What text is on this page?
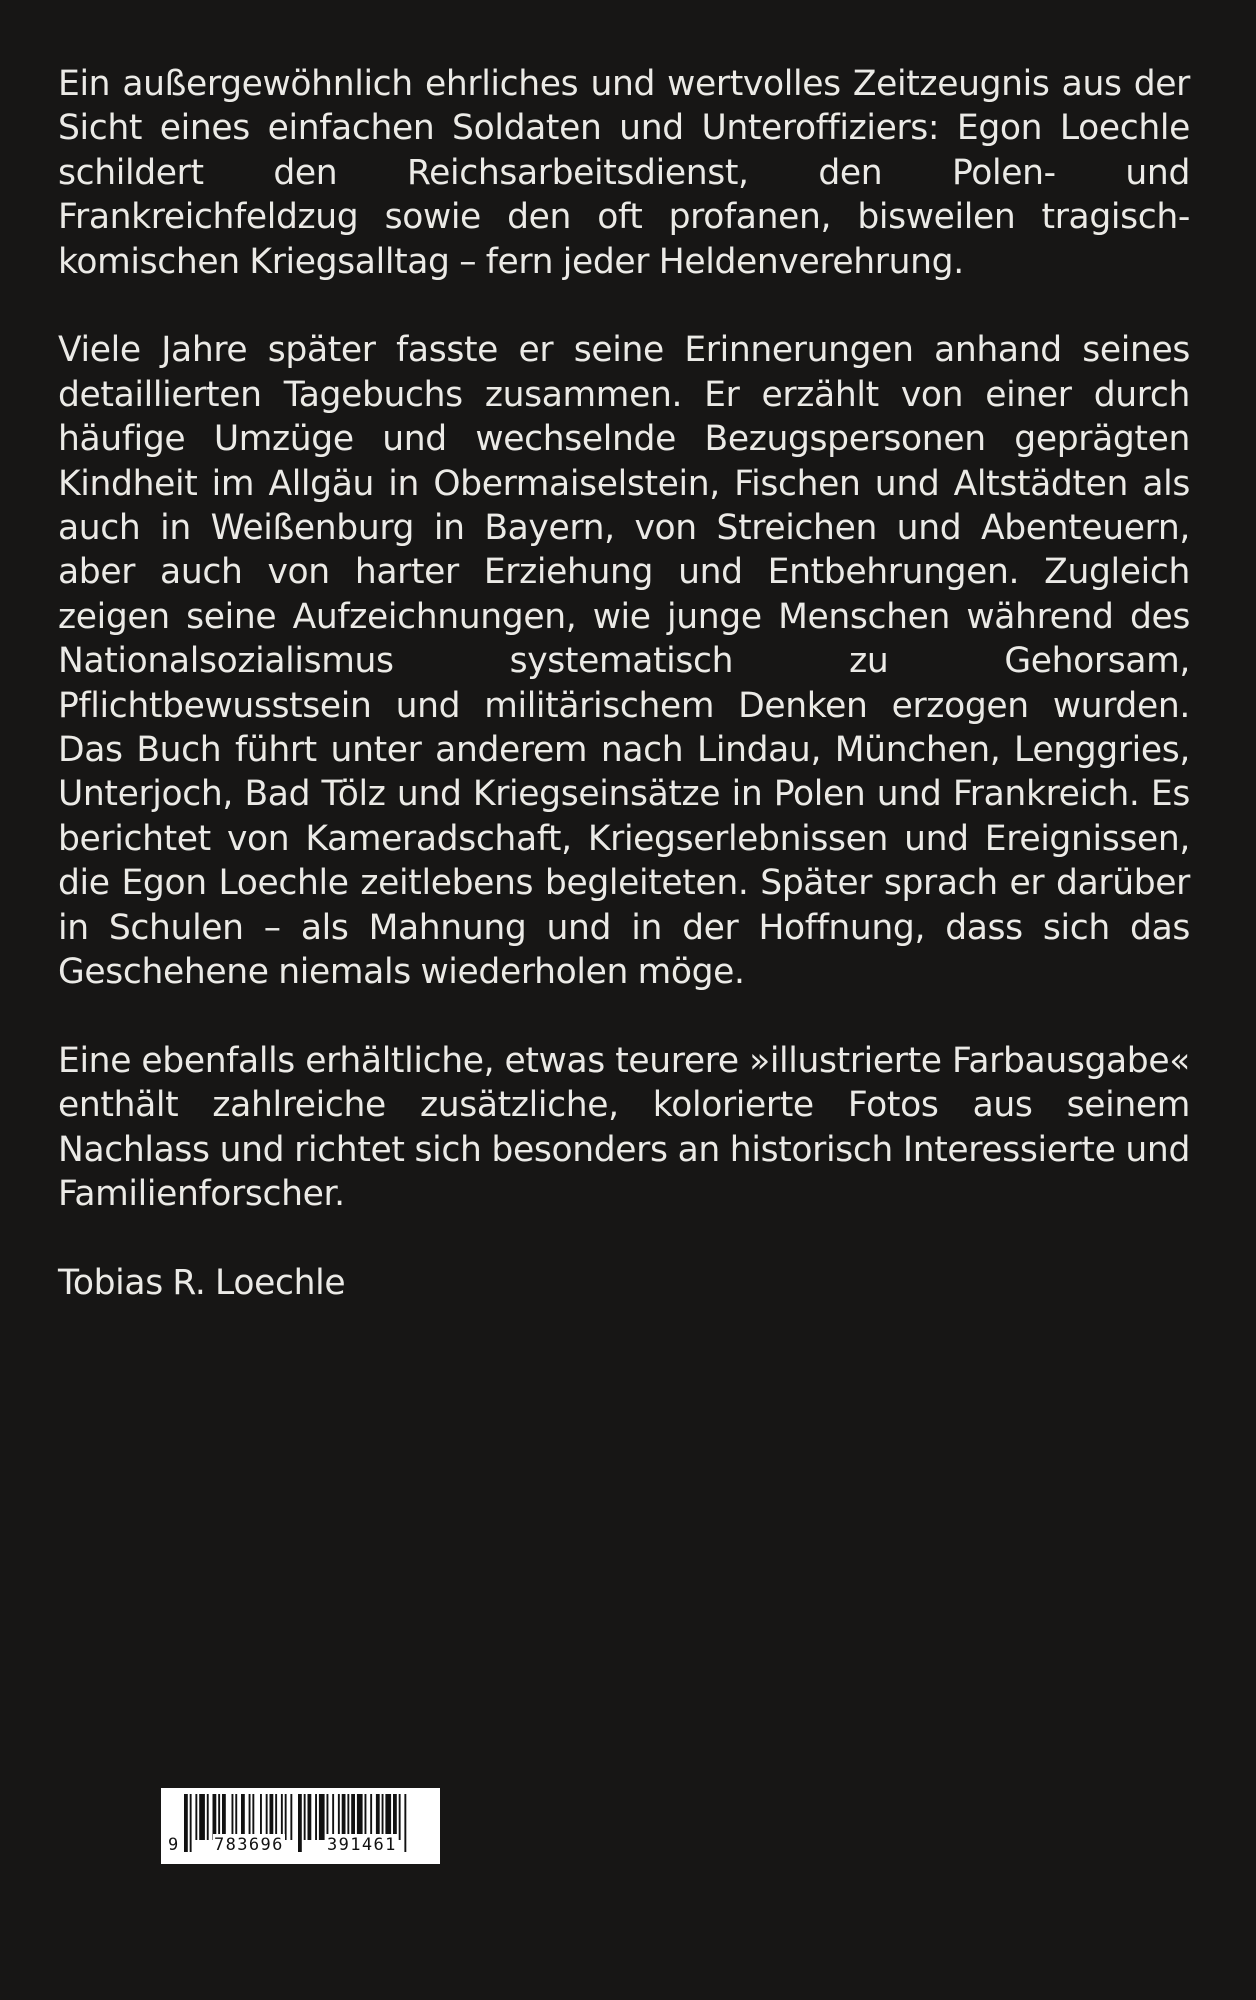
Ein außergewöhnlich ehrliches und wertvolles Zeitzeugnis aus der Sicht eines einfachen Soldaten und Unteroffiziers: Egon Loechle schildert den Reichsarbeitsdienst, den Polen- und Frankreichfeldzug sowie den oft profanen, bisweilen tragisch- komischen Kriegsalltag – fern jeder Heldenverehrung.

Viele Jahre später fasste er seine Erinnerungen anhand seines detaillierten Tagebuchs zusammen. Er erzählt von einer durch häufige Umzüge und wechselnde Bezugspersonen geprägten Kindheit im Allgäu in Obermaiselstein, Fischen und Altstädten als auch in Weißenburg in Bayern, von Streichen und Abenteuern, aber auch von harter Erziehung und Entbehrungen. Zugleich zeigen seine Aufzeichnungen, wie junge Menschen während des Nationalsozialismus systematisch zu Gehorsam, Pflichtbewusstsein und militärischem Denken erzogen wurden. Das Buch führt unter anderem nach Lindau, München, Lenggries, Unterjoch, Bad Tölz und Kriegseinsätze in Polen und Frankreich. Es berichtet von Kameradschaft, Kriegserlebnissen und Ereignissen, die Egon Loechle zeitlebens begleiteten. Später sprach er darüber in Schulen – als Mahnung und in der Hoffnung, dass sich das Geschehene niemals wiederholen möge.

Eine ebenfalls erhältliche, etwas teurere »illustrierte Farbausgabe« enthält zahlreiche zusätzliche, kolorierte Fotos aus seinem Nachlass und richtet sich besonders an historisch Interessierte und Familienforscher.

Tobias R. Loechle

9 783696	391461
